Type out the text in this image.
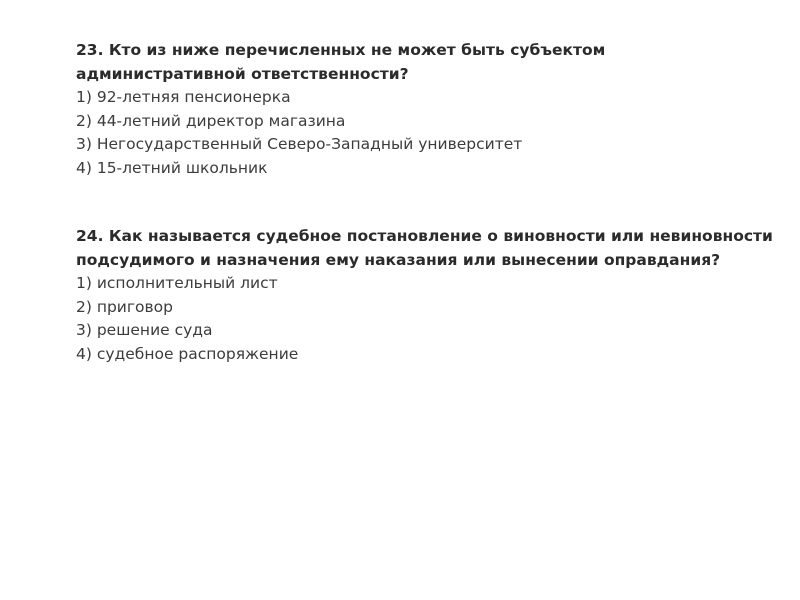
23. Кто из ниже перечисленных не может быть субъектом
административной ответственности?
1) 92-летняя пенсионерка
2) 44-летний директор магазина
3) Негосударственный Северо-Западный университет
4) 15-летний школьник
24. Как называется судебное постановление о виновности или невиновности
подсудимого и назначения ему наказания или вынесении оправдания?
1) исполнительный лист
2) приговор
3) решение суда
4) судебное распоряжение
